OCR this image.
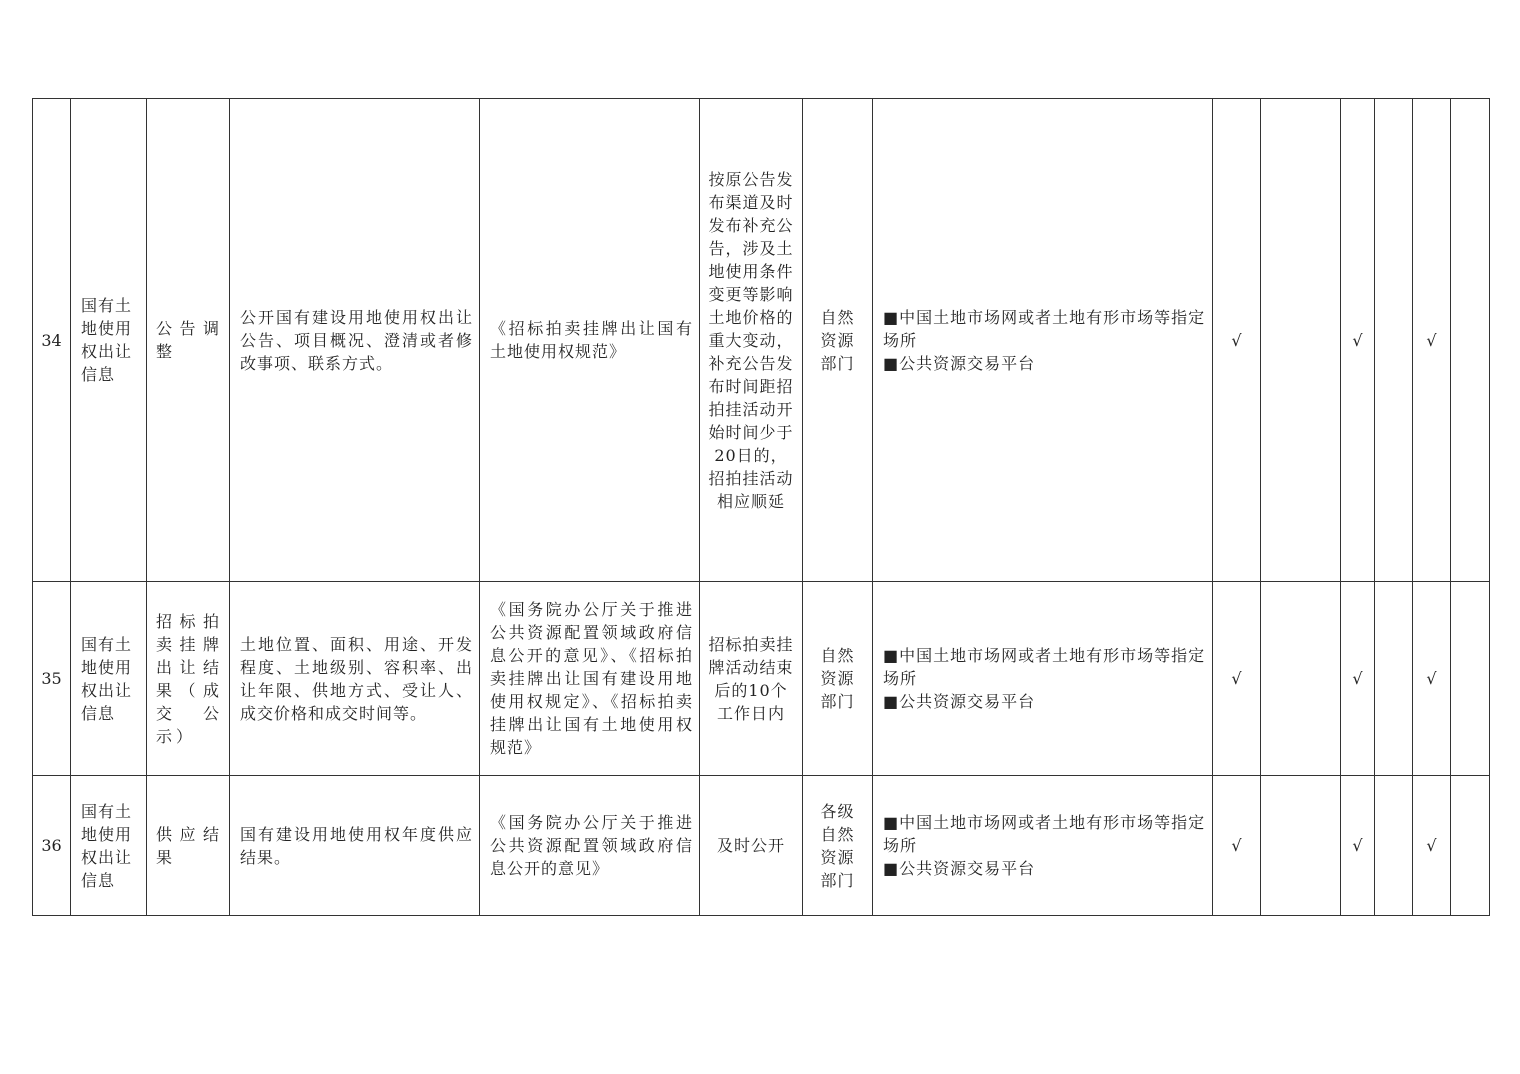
34	国有土地使用权出让信息	公告调整	公开国有建设用地使用权出让公告、项目概况、澄清或者修改事项、联系方式。	《招标拍卖挂牌出让国有土地使用权规范》	按原公告发布渠道及时发布补充公告，涉及土地使用条件变更等影响土地价格的重大变动，补充公告发布时间距招拍挂活动开始时间少于20日的，招拍挂活动相应顺延	自然资源部门	■中国土地市场网或者土地有形市场等指定场所
■公共资源交易平台	√		√		√	
35	国有土地使用权出让信息	招标拍卖挂牌出让结果（成交公示）	土地位置、面积、用途、开发程度、土地级别、容积率、出让年限、供地方式、受让人、成交价格和成交时间等。	《国务院办公厅关于推进公共资源配置领域政府信息公开的意见》、《招标拍卖挂牌出让国有建设用地使用权规定》、《招标拍卖挂牌出让国有土地使用权规范》	招标拍卖挂牌活动结束后的10个工作日内	自然资源部门	■中国土地市场网或者土地有形市场等指定场所
■公共资源交易平台	√		√		√	
36	国有土地使用权出让信息	供应结果	国有建设用地使用权年度供应结果。	《国务院办公厅关于推进公共资源配置领域政府信息公开的意见》	及时公开	各级自然资源部门	■中国土地市场网或者土地有形市场等指定场所
■公共资源交易平台	√		√		√	
